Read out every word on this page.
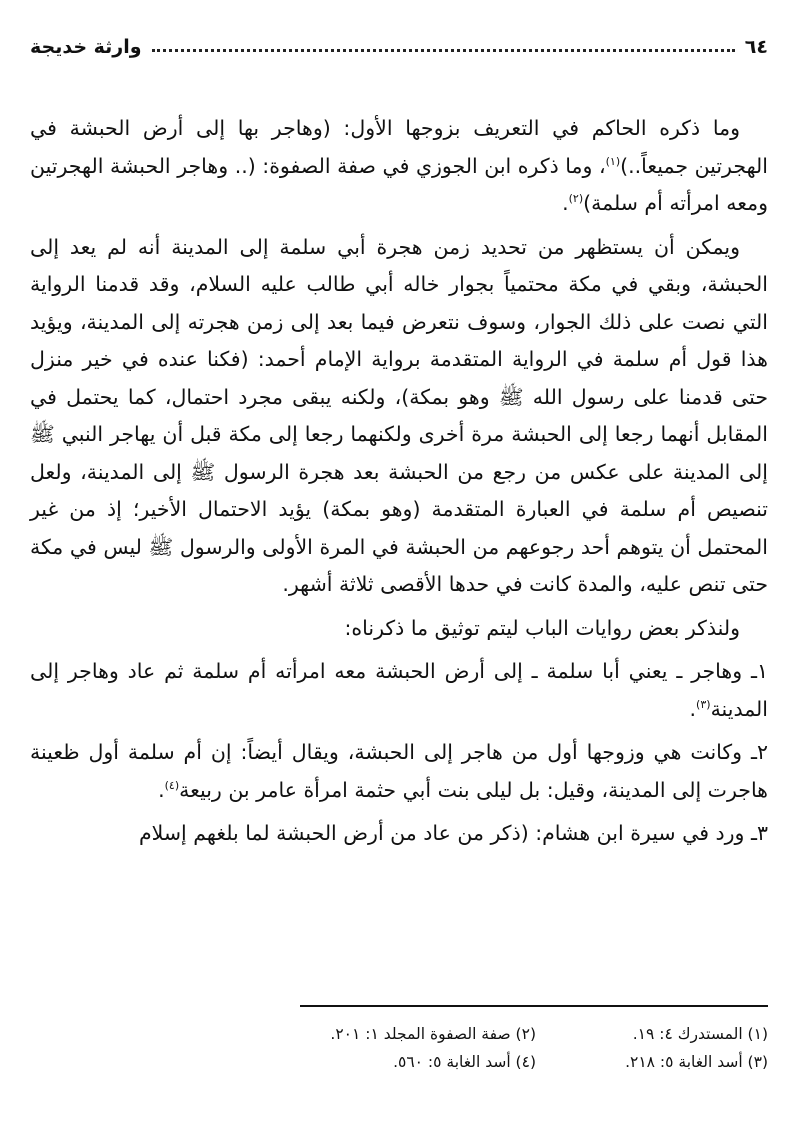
٦٤
وارثة خديجة

وما ذكره الحاكم في التعريف بزوجها الأول: (وهاجر بها إلى أرض الحبشة في الهجرتين جميعاً..)$^{(١)}$، وما ذكره ابن الجوزي في صفة الصفوة: (.. وهاجر الحبشة الهجرتين ومعه امرأته أم سلمة)$^{(٢)}$.

ويمكن أن يستظهر من تحديد زمن هجرة أبي سلمة إلى المدينة أنه لم يعد إلى الحبشة، وبقي في مكة محتمياً بجوار خاله أبي طالب عليه السلام، وقد قدمنا الرواية التي نصت على ذلك الجوار، وسوف نتعرض فيما بعد إلى زمن هجرته إلى المدينة، ويؤيد هذا قول أم سلمة في الرواية المتقدمة برواية الإمام أحمد: (فكنا عنده في خير منزل حتى قدمنا على رسول الله ﷺ وهو بمكة)، ولكنه يبقى مجرد احتمال، كما يحتمل في المقابل أنهما رجعا إلى الحبشة مرة أخرى ولكنهما رجعا إلى مكة قبل أن يهاجر النبي ﷺ إلى المدينة على عكس من رجع من الحبشة بعد هجرة الرسول ﷺ إلى المدينة، ولعل تنصيص أم سلمة في العبارة المتقدمة (وهو بمكة) يؤيد الاحتمال الأخير؛ إذ من غير المحتمل أن يتوهم أحد رجوعهم من الحبشة في المرة الأولى والرسول ﷺ ليس في مكة حتى تنص عليه، والمدة كانت في حدها الأقصى ثلاثة أشهر.

ولنذكر بعض روايات الباب ليتم توثيق ما ذكرناه:

١ـ وهاجر ـ يعني أبا سلمة ـ إلى أرض الحبشة معه امرأته أم سلمة ثم عاد وهاجر إلى المدينة$^{(٣)}$.

٢ـ وكانت هي وزوجها أول من هاجر إلى الحبشة، ويقال أيضاً: إن أم سلمة أول ظعينة هاجرت إلى المدينة، وقيل: بل ليلى بنت أبي حثمة امرأة عامر بن ربيعة$^{(٤)}$.

٣ـ ورد في سيرة ابن هشام: (ذكر من عاد من أرض الحبشة لما بلغهم إسلام

(١) المستدرك ٤: ١٩.
(٢) صفة الصفوة المجلد ١: ٢٠١.
(٣) أسد الغابة ٥: ٢١٨.
(٤) أسد الغابة ٥: ٥٦٠.
